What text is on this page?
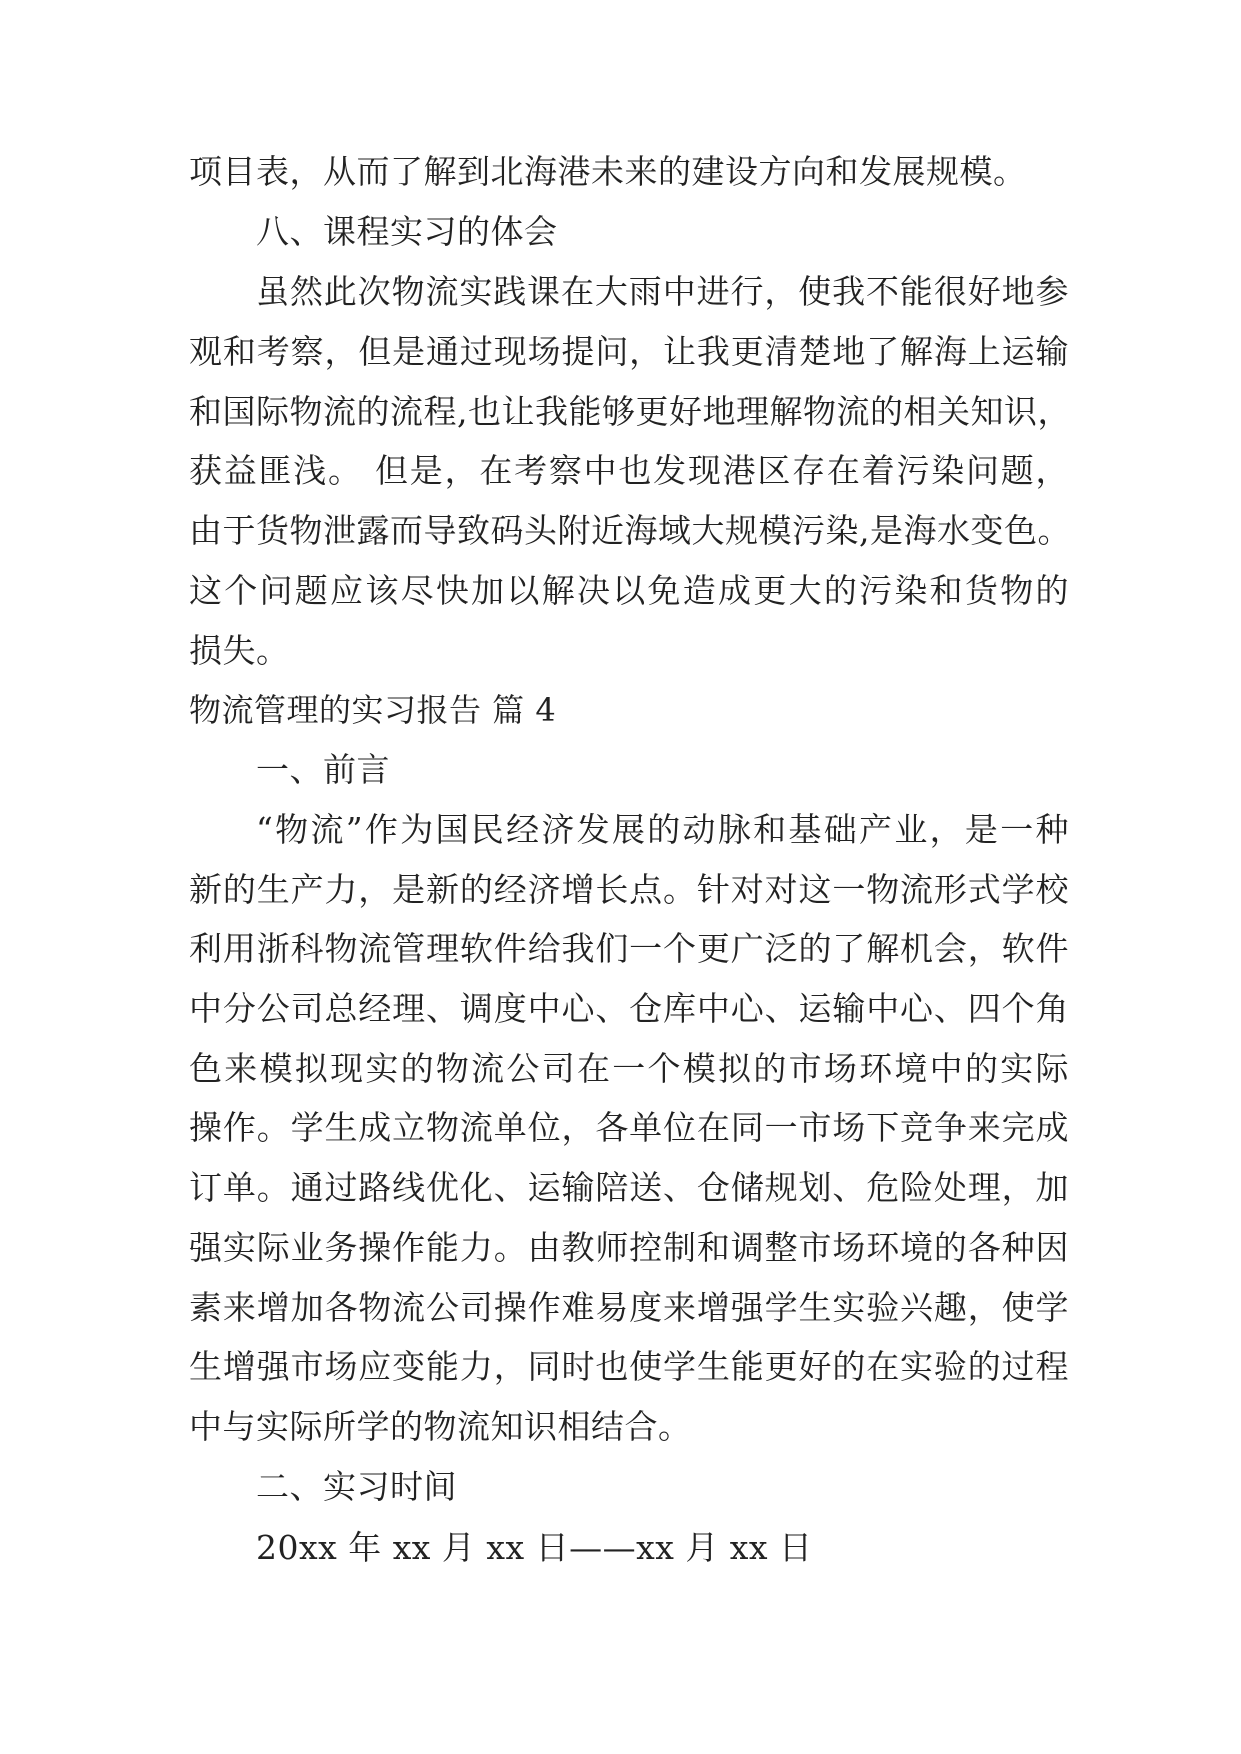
项目表，从而了解到北海港未来的建设方向和发展规模。
八、课程实习的体会
虽然此次物流实践课在大雨中进行，使我不能很好地参
观和考察，但是通过现场提问，让我更清楚地了解海上运输
和国际物流的流程,也让我能够更好地理解物流的相关知识，
获益匪浅。 但是，在考察中也发现港区存在着污染问题，
由于货物泄露而导致码头附近海域大规模污染,是海水变色。
这个问题应该尽快加以解决以免造成更大的污染和货物的
损失。
物流管理的实习报告 篇 4
一、前言
“物流”作为国民经济发展的动脉和基础产业，是一种
新的生产力，是新的经济增长点。针对对这一物流形式学校
利用浙科物流管理软件给我们一个更广泛的了解机会，软件
中分公司总经理、调度中心、仓库中心、运输中心、四个角
色来模拟现实的物流公司在一个模拟的市场环境中的实际
操作。学生成立物流单位，各单位在同一市场下竞争来完成
订单。通过路线优化、运输陪送、仓储规划、危险处理，加
强实际业务操作能力。由教师控制和调整市场环境的各种因
素来增加各物流公司操作难易度来增强学生实验兴趣，使学
生增强市场应变能力，同时也使学生能更好的在实验的过程
中与实际所学的物流知识相结合。
二、实习时间
20xx 年 xx 月 xx 日——xx 月 xx 日
